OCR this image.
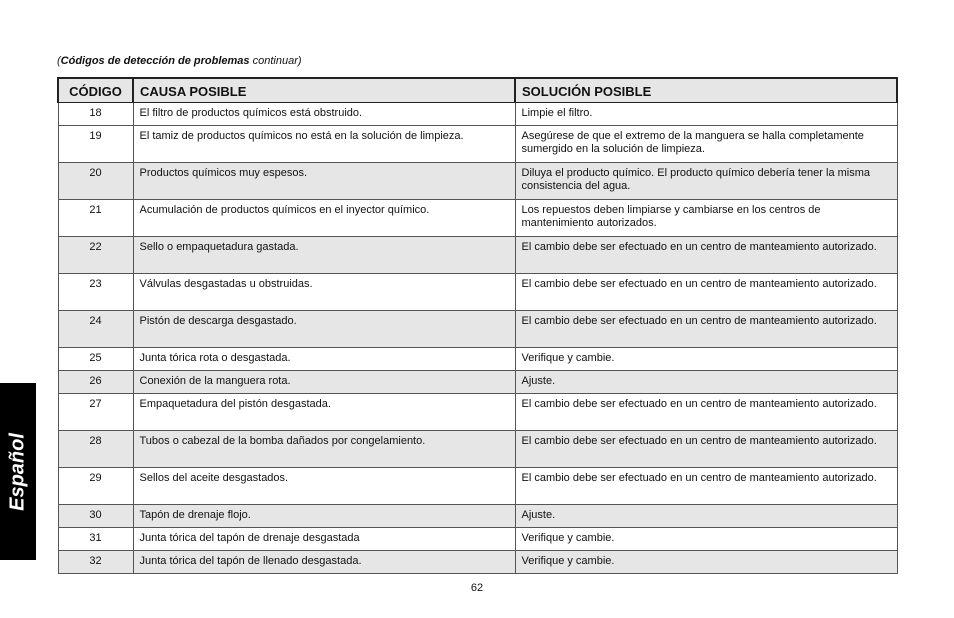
(Códigos de detección de problemas continuar)
CÓDIGO	CAUSA POSIBLE	SOLUCIÓN POSIBLE
18	El filtro de productos químicos está obstruido.	Limpie el filtro.
19	El tamiz de productos químicos no está en la solución de limpieza.	Asegúrese de que el extremo de la manguera se halla completamente sumergido en la solución de limpieza.
20	Productos químicos muy espesos.	Diluya el producto químico. El producto químico debería tener la misma consistencia del agua.
21	Acumulación de productos químicos en el inyector químico.	Los repuestos deben limpiarse y cambiarse en los centros de mantenimiento autorizados.
22	Sello o empaquetadura gastada.	El cambio debe ser efectuado en un centro de manteamiento autorizado.
23	Válvulas desgastadas u obstruidas.	El cambio debe ser efectuado en un centro de manteamiento autorizado.
24	Pistón de descarga desgastado.	El cambio debe ser efectuado en un centro de manteamiento autorizado.
25	Junta tórica rota o desgastada.	Verifique y cambie.
26	Conexión de la manguera rota.	Ajuste.
27	Empaquetadura del pistón desgastada.	El cambio debe ser efectuado en un centro de manteamiento autorizado.
28	Tubos o cabezal de la bomba dañados por congelamiento.	El cambio debe ser efectuado en un centro de manteamiento autorizado.
29	Sellos del aceite desgastados.	El cambio debe ser efectuado en un centro de manteamiento autorizado.
30	Tapón de drenaje flojo.	Ajuste.
31	Junta tórica del tapón de drenaje desgastada	Verifique y cambie.
32	Junta tórica del tapón de llenado desgastada.	Verifique y cambie.
62
Español
